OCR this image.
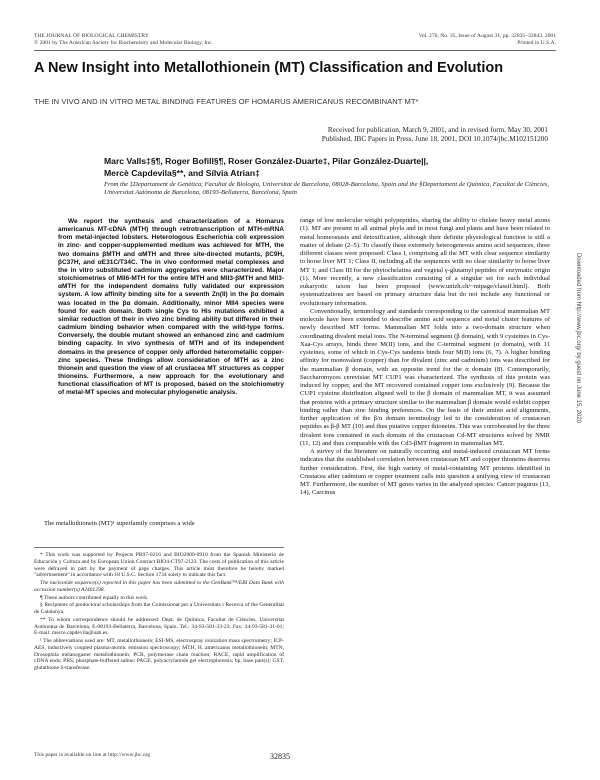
THE JOURNAL OF BIOLOGICAL CHEMISTRY
© 2001 by The American Society for Biochemistry and Molecular Biology, Inc.
Vol. 276, No. 35, Issue of August 31, pp. 32835–32843, 2001
Printed in U.S.A.
A New Insight into Metallothionein (MT) Classification and Evolution
THE IN VIVO AND IN VITRO METAL BINDING FEATURES OF HOMARUS AMERICANUS RECOMBINANT MT*
Received for publication, March 9, 2001, and in revised form, May 30, 2001
Published, JBC Papers in Press, June 18, 2001, DOI 10.1074/jbc.M102151200
Marc Valls‡§¶, Roger Bofill§¶, Roser González-Duarte‡, Pilar González-Duarte||,
Mercè Capdevila§**, and Sílvia Atrian‡
From the ‡Departament de Genètica, Facultat de Biologia, Universitat de Barcelona, 08028-Barcelona, Spain and the §Departament de Química, Facultat de Ciències, Universitat Autònoma de Barcelona, 08193-Bellaterra, Barcelona, Spain
We report the synthesis and characterization of a Homarus americanus MT-cDNA (MTH) through retrotranscription of MTH-mRNA from metal-injected lobsters. Heterologous Escherichia coli expression in zinc- and copper-supplemented medium was achieved for MTH, the two domains βMTH and αMTH and three site-directed mutants, βC9H, βC37H, and αE31C/T34C. The in vivo conformed metal complexes and the in vitro substituted cadmium aggregates were characterized. Major stoichiometries of MII6-MTH for the entire MTH and MII3-βMTH and MII3-αMTH for the independent domains fully validated our expression system. A low affinity binding site for a seventh Zn(II) in the βα domain was located in the βα domain. Additionally, minor MII4 species were found for each domain. Both single Cys to His mutations exhibited a similar reduction of their in vivo zinc binding ability but differed in their cadmium binding behavior when compared with the wild-type forms. Conversely, the double mutant showed an enhanced zinc and cadmium binding capacity. In vivo synthesis of MTH and of its independent domains in the presence of copper only afforded heterometallic copper-zinc species. These findings allow consideration of MTH as a zinc thionein and question the view of all crustacea MT structures as copper thioneins. Furthermore, a new approach for the evolutionary and functional classification of MT is proposed, based on the stoichiometry of metal-MT species and molecular phylogenetic analysis.
The metallothionein (MT)¹ superfamily comprises a wide

* This work was supported by Projects PB97-0216 and BIO2000-0910 from the Spanish Ministerio de Educación y Cultura and by European Union Contract BIO4-CT97-2123. The costs of publication of this article were defrayed in part by the payment of page charges. This article must therefore be hereby marked "advertisement" in accordance with 18 U.S.C. Section 1734 solely to indicate this fact.

The nucleotide sequence(s) reported in this paper has been submitted to the GenBank™/EBI Data Bank with accession number(s) AJ401298.

¶ These authors contributed equally to this work.

§ Recipients of predoctoral scholarships from the Comissionat per a Universitats i Recerca of the Generalitat de Catalunya.

** To whom correspondence should be addressed: Dept. de Química, Facultat de Ciències, Universitat Autònoma de Barcelona, E-08193-Bellaterra, Barcelona, Spain. Tel.: 34-93-581-33-23; Fax: 34-93-581-31-01; E-mail: merce.capdevila@uab.es.

¹ The abbreviations used are: MT, metallothionein; ESI-MS, electrospray ionization mass spectrometry; ICP-AES, inductively coupled plasma-atomic emission spectroscopy; MTH, H. americanus metallothionein; MTN, Drosophila melanogaster metallothionein; PCR, polymerase chain reaction; RACE, rapid amplification of cDNA ends; PBS, phosphate-buffered saline; PAGE, polyacrylamide gel electrophoresis; bp, base pair(s); GST, glutathione S-transferase.

range of low molecular weight polypeptides, sharing the ability to chelate heavy metal atoms (1). MT are present in all animal phyla and in most fungi and plants and have been related to metal homeostasis and detoxification, although their definite physiological function is still a matter of debate (2–5). To classify these extremely heterogeneous amino acid sequences, three different classes were proposed: Class I, comprising all the MT with clear sequence similarity to horse liver MT 1; Class II, including all the sequences with no clear similarity to horse liver MT 1; and Class III for the phytochelatins and vegetal γ-glutamyl peptides of enzymatic origin (1). More recently, a new classification consisting of a singular set for each individual eukaryotic taxon has been proposed (www.unizh.ch/~mtpage/classif.html). Both systematizations are based on primary structure data but do not include any functional or evolutionary information.

Conventionally, terminology and standards corresponding to the canonical mammalian MT molecule have been extended to describe amino acid sequence and metal cluster features of newly described MT forms. Mammalian MT folds into a two-domain structure when coordinating divalent metal ions. The N-terminal segment (β domain), with 9 cysteines in Cys-Xaa-Cys arrays, binds three M(II) ions, and the C-terminal segment (α domain), with 11 cysteines, some of which in Cys-Cys tandems binds four M(II) ions (6, 7). A higher binding affinity for monovalent (copper) than for divalent (zinc and cadmium) ions was described for the mammalian β domain, with an opposite trend for the α domain (8). Contemporarily, Saccharomyces cerevisiae MT CUP1 was characterized. The synthesis of this protein was induced by copper, and the MT recovered contained copper ions exclusively (9). Because the CUP1 cysteine distribution aligned well to the β domain of mammalian MT, it was assumed that proteins with a primary structure similar to the mammalian β domain would exhibit copper binding rather than zinc binding preferences. On the basis of their amino acid alignments, further application of the β/α domain terminology led to the consideration of crustacean peptides as β-β MT (10) and thus putative copper thioneins. This was corroborated by the three divalent ions contained in each domain of the crustacean Cd-MT structures solved by NMR (11, 12) and thus comparable with the Cd3-βMT fragment in mammalian MT.

A survey of the literature on naturally occurring and metal-induced crustacean MT forms indicates that the established correlation between crustacean MT and copper thioneins deserves further consideration. First, the high variety of metal-containing MT proteins identified in Crustacea after cadmium or copper treatment calls into question a unifying view of crustacean MT. Furthermore, the number of MT genes varies in the analyzed species: Cancer pagurus (13, 14), Carcinus

Downloaded from http://www.jbc.org/ by guest on June 15, 2020
This paper is available on line at http://www.jbc.org	32835
